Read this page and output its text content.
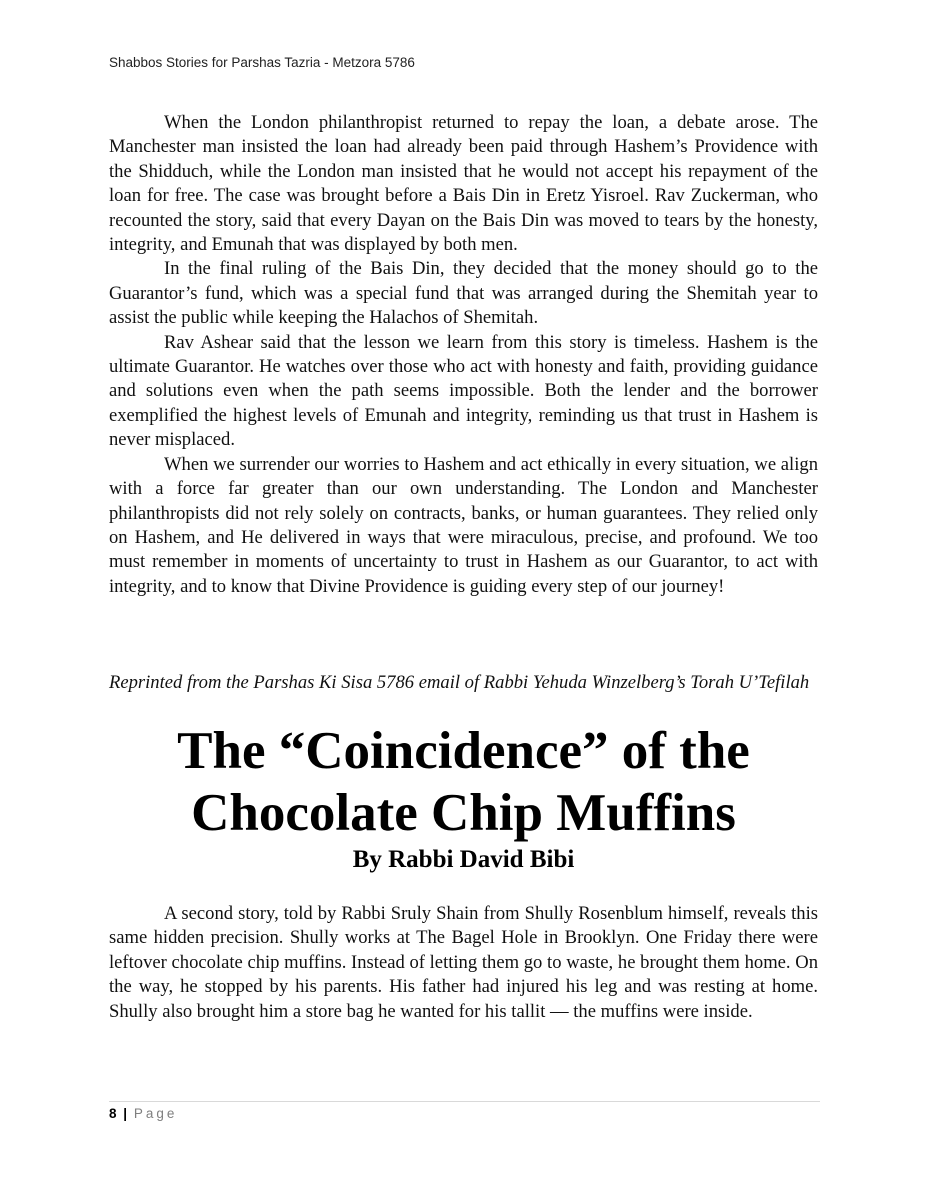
Shabbos Stories for Parshas Tazria - Metzora 5786

When the London philanthropist returned to repay the loan, a debate arose. The Manchester man insisted the loan had already been paid through Hashem’s Providence with the Shidduch, while the London man insisted that he would not accept his repayment of the loan for free. The case was brought before a Bais Din in Eretz Yisroel. Rav Zuckerman, who recounted the story, said that every Dayan on the Bais Din was moved to tears by the honesty, integrity, and Emunah that was displayed by both men.

In the final ruling of the Bais Din, they decided that the money should go to the Guarantor’s fund, which was a special fund that was arranged during the Shemitah year to assist the public while keeping the Halachos of Shemitah.

Rav Ashear said that the lesson we learn from this story is timeless. Hashem is the ultimate Guarantor. He watches over those who act with honesty and faith, providing guidance and solutions even when the path seems impossible. Both the lender and the borrower exemplified the highest levels of Emunah and integrity, reminding us that trust in Hashem is never misplaced.

When we surrender our worries to Hashem and act ethically in every situation, we align with a force far greater than our own understanding. The London and Manchester philanthropists did not rely solely on contracts, banks, or human guarantees. They relied only on Hashem, and He delivered in ways that were miraculous, precise, and profound. We too must remember in moments of uncertainty to trust in Hashem as our Guarantor, to act with integrity, and to know that Divine Providence is guiding every step of our journey!

Reprinted from the Parshas Ki Sisa 5786 email of Rabbi Yehuda Winzelberg’s Torah U’Tefilah
The “Coincidence” of the
Chocolate Chip Muffins
By Rabbi David Bibi

A second story, told by Rabbi Sruly Shain from Shully Rosenblum himself, reveals this same hidden precision. Shully works at The Bagel Hole in Brooklyn. One Friday there were leftover chocolate chip muffins. Instead of letting them go to waste, he brought them home. On the way, he stopped by his parents. His father had injured his leg and was resting at home. Shully also brought him a store bag he wanted for his tallit — the muffins were inside.

8 | Page
